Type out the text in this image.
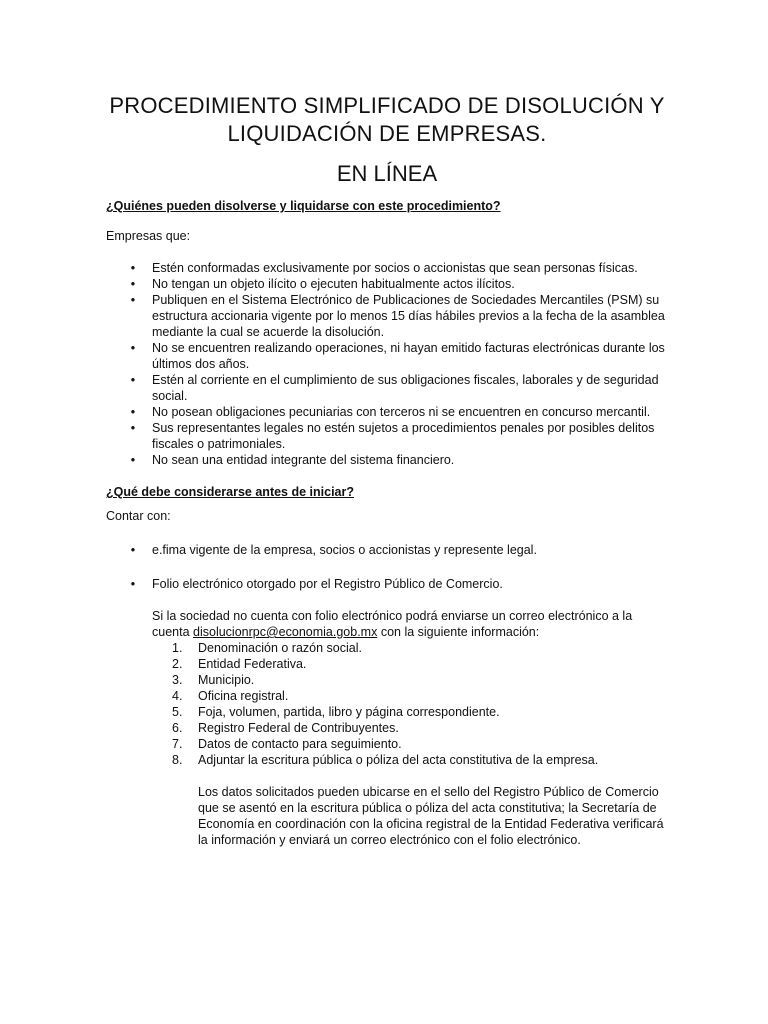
PROCEDIMIENTO SIMPLIFICADO DE DISOLUCIÓN Y
LIQUIDACIÓN DE EMPRESAS.
EN LÍNEA

¿Quiénes pueden disolverse y liquidarse con este procedimiento?

Empresas que:

• Estén conformadas exclusivamente por socios o accionistas que sean personas físicas.
• No tengan un objeto ilícito o ejecuten habitualmente actos ilícitos.
• Publiquen en el Sistema Electrónico de Publicaciones de Sociedades Mercantiles (PSM) su estructura accionaria vigente por lo menos 15 días hábiles previos a la fecha de la asamblea mediante la cual se acuerde la disolución.
• No se encuentren realizando operaciones, ni hayan emitido facturas electrónicas durante los últimos dos años.
• Estén al corriente en el cumplimiento de sus obligaciones fiscales, laborales y de seguridad social.
• No posean obligaciones pecuniarias con terceros ni se encuentren en concurso mercantil.
• Sus representantes legales no estén sujetos a procedimientos penales por posibles delitos fiscales o patrimoniales.
• No sean una entidad integrante del sistema financiero.

¿Qué debe considerarse antes de iniciar?

Contar con:

• e.fima vigente de la empresa, socios o accionistas y represente legal.
• Folio electrónico otorgado por el Registro Público de Comercio.
Si la sociedad no cuenta con folio electrónico podrá enviarse un correo electrónico a la cuenta disolucionrpc@economia.gob.mx con la siguiente información:
1.	Denominación o razón social.
2.	Entidad Federativa.
3.	Municipio.
4.	Oficina registral.
5.	Foja, volumen, partida, libro y página correspondiente.
6.	Registro Federal de Contribuyentes.
7.	Datos de contacto para seguimiento.
8.	Adjuntar la escritura pública o póliza del acta constitutiva de la empresa.
Los datos solicitados pueden ubicarse en el sello del Registro Público de Comercio que se asentó en la escritura pública o póliza del acta constitutiva; la Secretaría de Economía en coordinación con la oficina registral de la Entidad Federativa verificará la información y enviará un correo electrónico con el folio electrónico.
